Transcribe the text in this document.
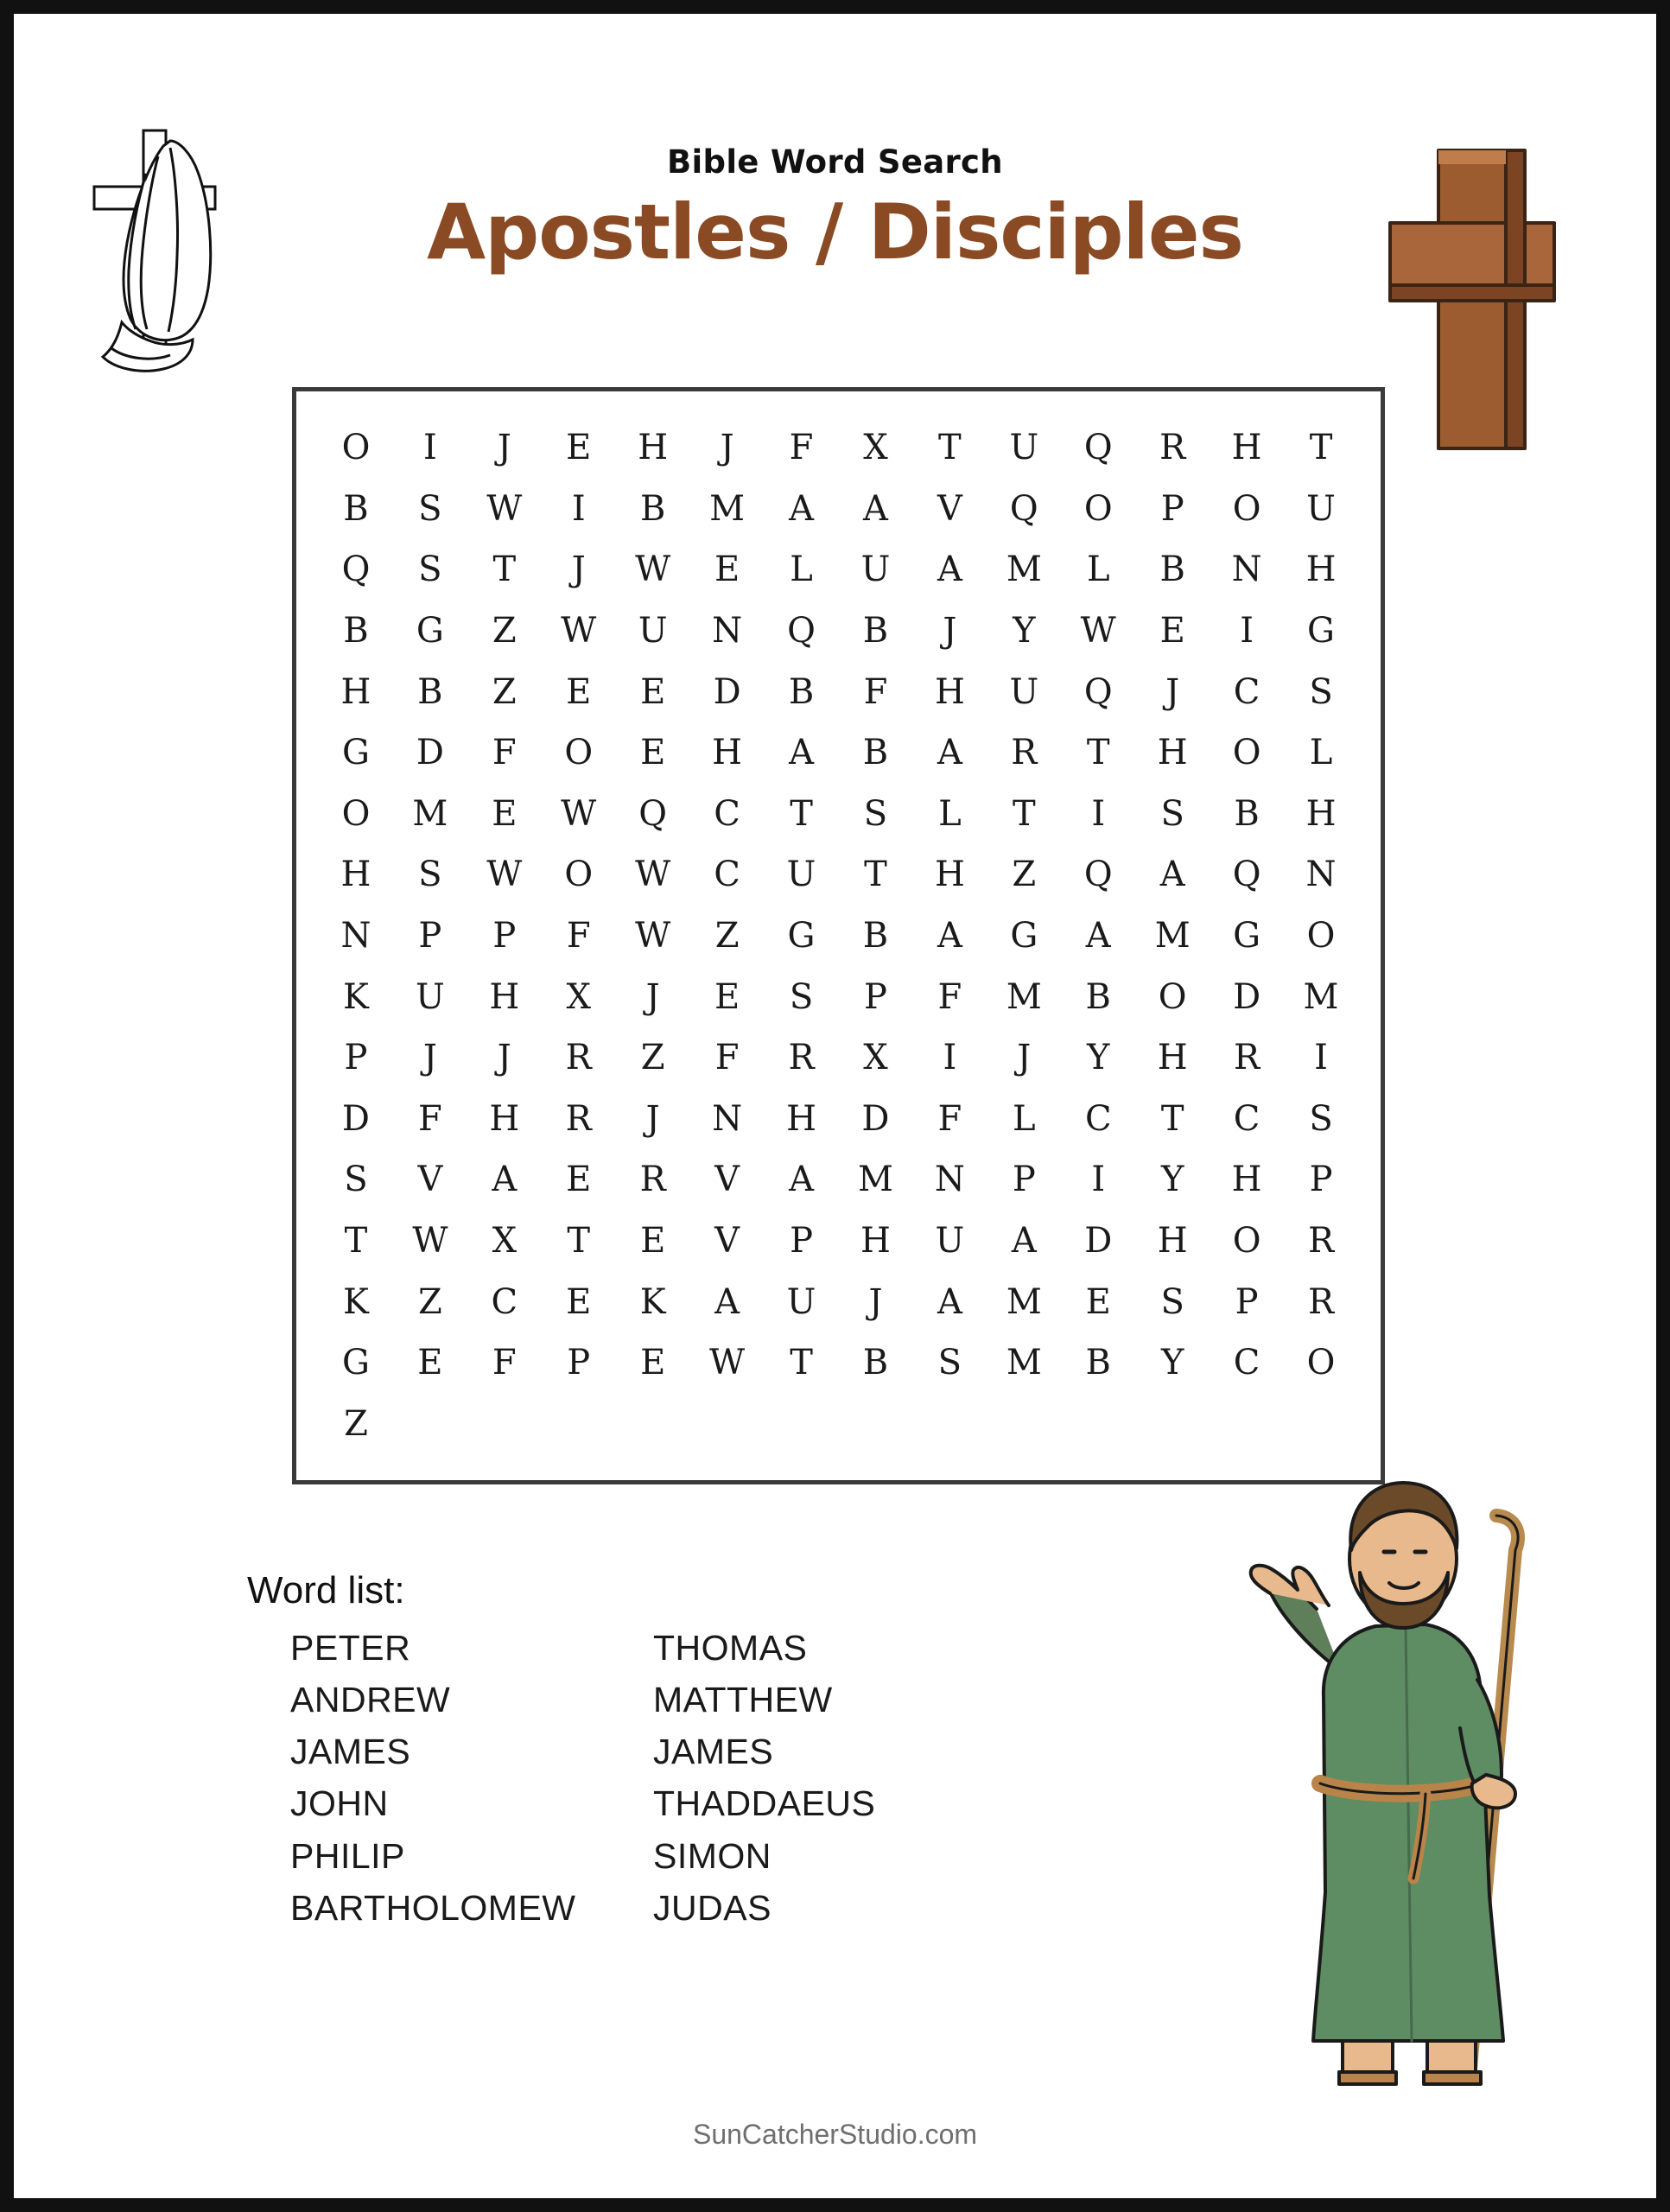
Bible Word Search

Apostles / Disciples
O I J E H J F X T U Q R H T
B S W I B M A A V Q O P O U
Q S T J W E L U A M L B N H
B G Z W U N Q B J Y W E I G
H B Z E E D B F H U Q J C S
G D F O E H A B A R T H O L
O M E W Q C T S L T I S B H
H S W O W C U T H Z Q A Q N
N P P F W Z G B A G A M G O
K U H X J E S P F M B O D M
P J J R Z F R X I J Y H R I
D F H R J N H D F L C T C S
S V A E R V A M N P I Y H P
T W X T E V P H U A D H O R
K Z C E K A U J A M E S P R
G E F P E W T B S M B Y C O
Z
Word list:
PETER
ANDREW
JAMES
JOHN
PHILIP
BARTHOLOMEW
THOMAS
MATTHEW
JAMES
THADDAEUS
SIMON
JUDAS
SunCatcherStudio.com
